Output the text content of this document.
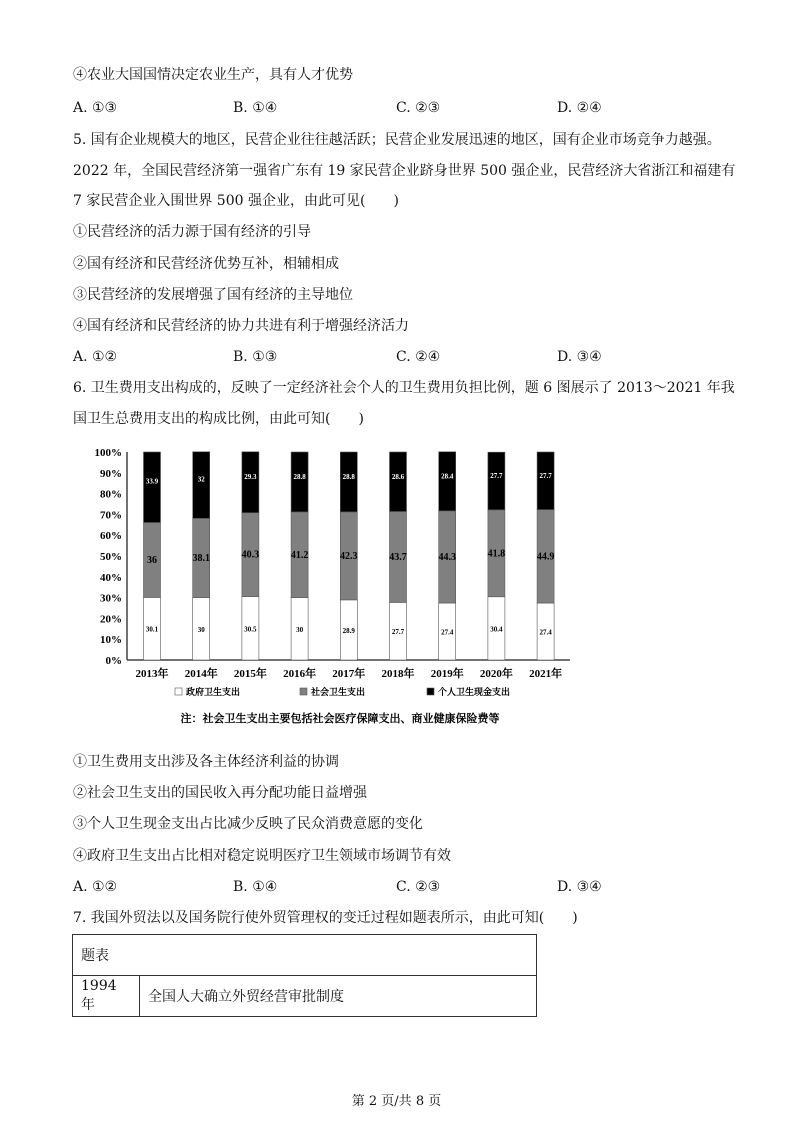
④农业大国国情决定农业生产，具有人才优势
A. ①③	B. ①④	C. ②③	D. ②④
5. 国有企业规模大的地区，民营企业往往越活跃；民营企业发展迅速的地区，国有企业市场竞争力越强。
2022 年，全国民营经济第一强省广东有 19 家民营企业跻身世界 500 强企业，民营经济大省浙江和福建有
7 家民营企业入围世界 500 强企业，由此可见(　　)
①民营经济的活力源于国有经济的引导
②国有经济和民营经济优势互补，相辅相成
③民营经济的发展增强了国有经济的主导地位
④国有经济和民营经济的协力共进有利于增强经济活力
A. ①②	B. ①③	C. ②④	D. ③④
6. 卫生费用支出构成的，反映了一定经济社会个人的卫生费用负担比例，题 6 图展示了 2013～2021 年我
国卫生总费用支出的构成比例，由此可知(　　)
0%
10%
20%
30%
40%
50%
60%
70%
80%
90%
100%
2013年 2014年 2015年 2016年 2017年 2018年 2019年 2020年 2021年
30.1
36
33.9
30
38.1
32
30.5
40.3
29.3
30
41.2
28.8
28.9
42.3
28.8
27.7
43.7
28.6
27.4
44.3
28.4
30.4
41.8
27.7
27.4
44.9
27.7
政府卫生支出	社会卫生支出	个人卫生现金支出
注：社会卫生支出主要包括社会医疗保障支出、商业健康保险费等
①卫生费用支出涉及各主体经济利益的协调
②社会卫生支出的国民收入再分配功能日益增强
③个人卫生现金支出占比减少反映了民众消费意愿的变化
④政府卫生支出占比相对稳定说明医疗卫生领域市场调节有效
A. ①②	B. ①④	C. ②③	D. ③④
7. 我国外贸法以及国务院行使外贸管理权的变迁过程如题表所示，由此可知(　　)
题表
1994 年	全国人大确立外贸经营审批制度
第 2 页/共 8 页
